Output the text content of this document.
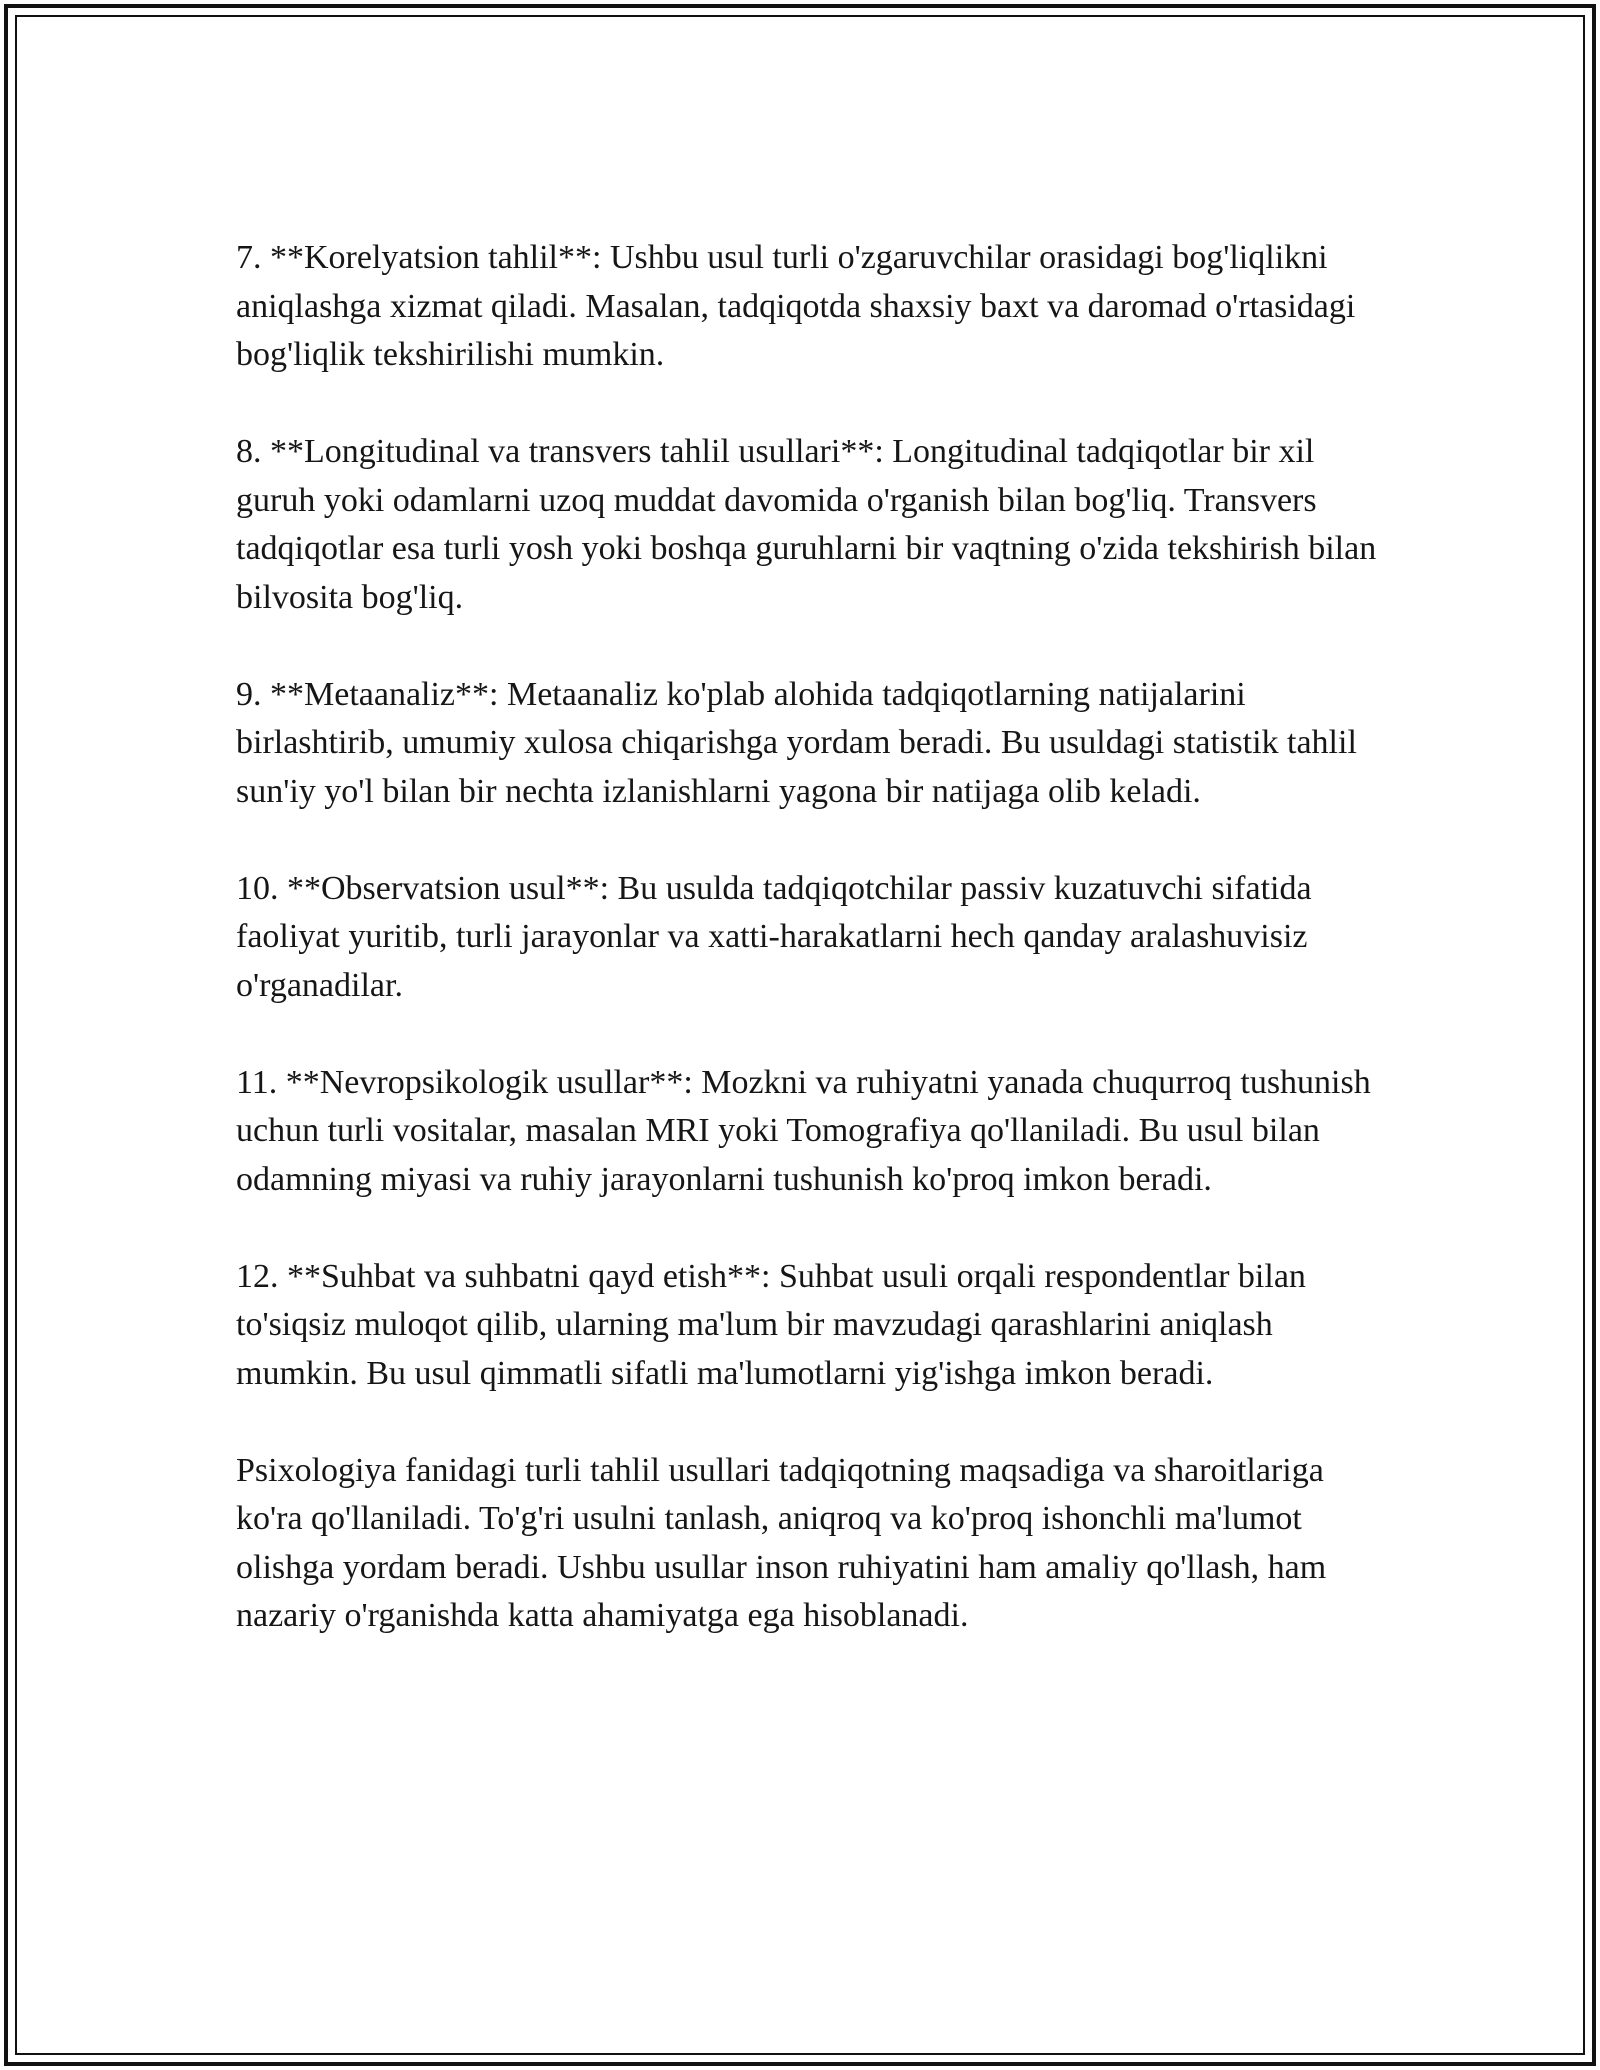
7. **Korelyatsion tahlil**: Ushbu usul turli o'zgaruvchilar orasidagi bog'liqlikni aniqlashga xizmat qiladi. Masalan, tadqiqotda shaxsiy baxt va daromad o'rtasidagi bog'liqlik tekshirilishi mumkin.

8. **Longitudinal va transvers tahlil usullari**: Longitudinal tadqiqotlar bir xil guruh yoki odamlarni uzoq muddat davomida o'rganish bilan bog'liq. Transvers tadqiqotlar esa turli yosh yoki boshqa guruhlarni bir vaqtning o'zida tekshirish bilan bilvosita bog'liq.

9. **Metaanaliz**: Metaanaliz ko'plab alohida tadqiqotlarning natijalarini birlashtirib, umumiy xulosa chiqarishga yordam beradi. Bu usuldagi statistik tahlil sun'iy yo'l bilan bir nechta izlanishlarni yagona bir natijaga olib keladi.

10. **Observatsion usul**: Bu usulda tadqiqotchilar passiv kuzatuvchi sifatida faoliyat yuritib, turli jarayonlar va xatti-harakatlarni hech qanday aralashuvisiz o'rganadilar.

11. **Nevropsikologik usullar**: Mozkni va ruhiyatni yanada chuqurroq tushunish uchun turli vositalar, masalan MRI yoki Tomografiya qo'llaniladi. Bu usul bilan odamning miyasi va ruhiy jarayonlarni tushunish ko'proq imkon beradi.

12. **Suhbat va suhbatni qayd etish**: Suhbat usuli orqali respondentlar bilan to'siqsiz muloqot qilib, ularning ma'lum bir mavzudagi qarashlarini aniqlash mumkin. Bu usul qimmatli sifatli ma'lumotlarni yig'ishga imkon beradi.

Psixologiya fanidagi turli tahlil usullari tadqiqotning maqsadiga va sharoitlariga ko'ra qo'llaniladi. To'g'ri usulni tanlash, aniqroq va ko'proq ishonchli ma'lumot olishga yordam beradi. Ushbu usullar inson ruhiyatini ham amaliy qo'llash, ham nazariy o'rganishda katta ahamiyatga ega hisoblanadi.
